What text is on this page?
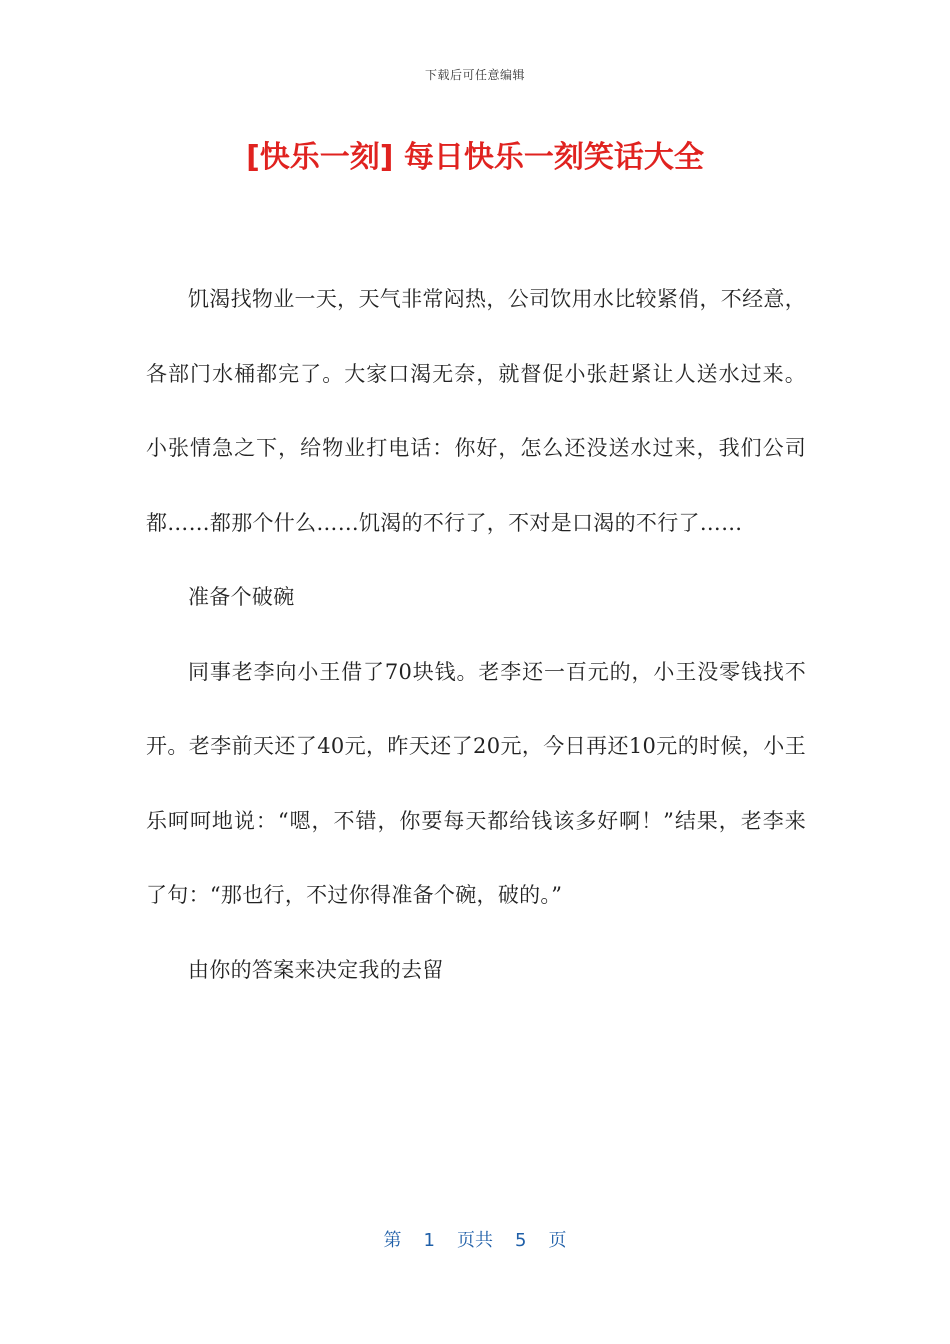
下载后可任意编辑
[快乐一刻] 每日快乐一刻笑话大全

饥渴找物业一天，天气非常闷热，公司饮用水比较紧俏，不经意，各部门水桶都完了。大家口渴无奈，就督促小张赶紧让人送水过来。小张情急之下，给物业打电话：你好，怎么还没送水过来，我们公司都……都那个什么……饥渴的不行了，不对是口渴的不行了……

准备个破碗

同事老李向小王借了70块钱。老李还一百元的，小王没零钱找不开。老李前天还了40元，昨天还了20元，今日再还10元的时候，小王乐呵呵地说：“嗯，不错，你要每天都给钱该多好啊！”结果，老李来了句：“那也行，不过你得准备个碗，破的。”

由你的答案来决定我的去留

第 1 页共 5 页
